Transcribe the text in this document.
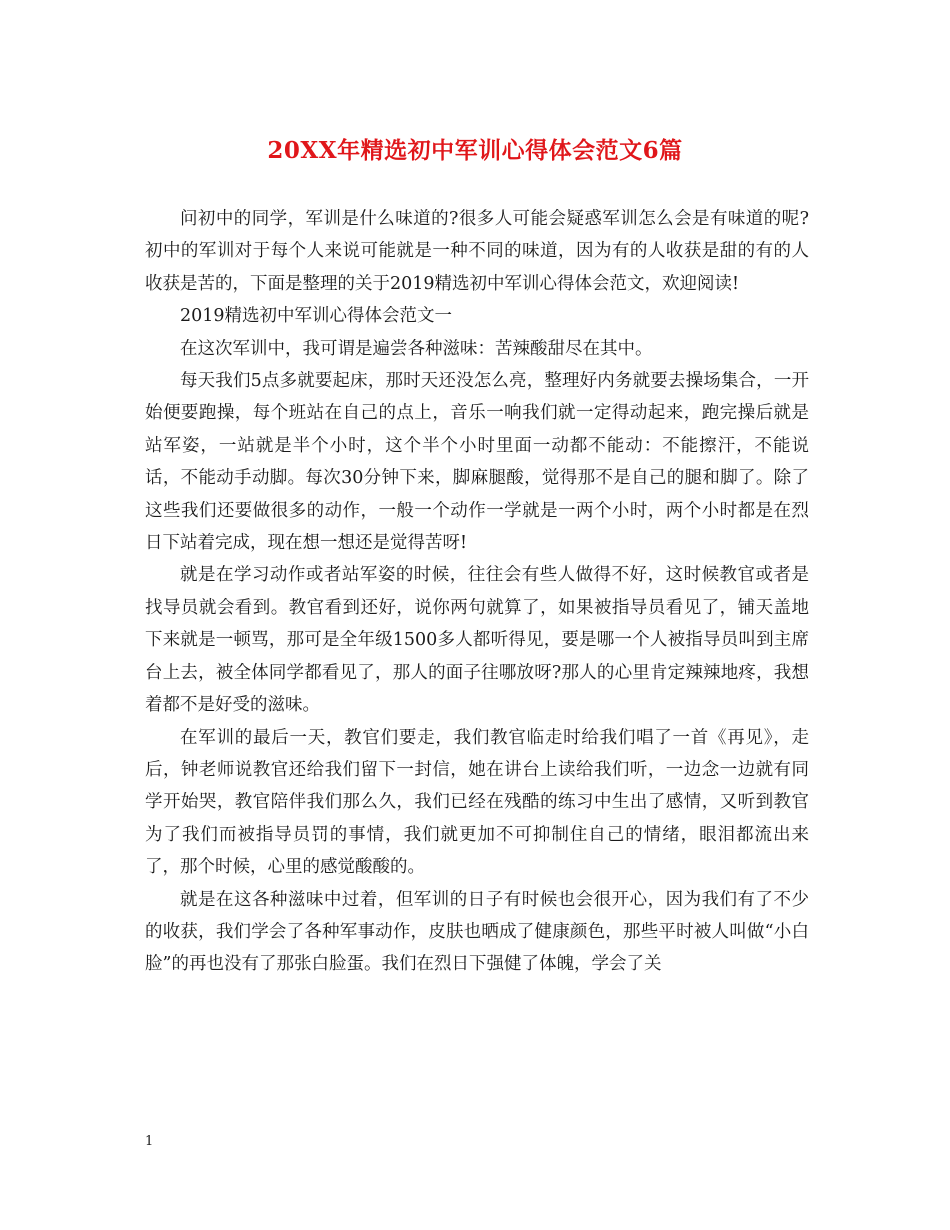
20XX年精选初中军训心得体会范文6篇

问初中的同学，军训是什么味道的?很多人可能会疑惑军训怎么会是有味道的呢?初中的军训对于每个人来说可能就是一种不同的味道，因为有的人收获是甜的有的人收获是苦的，下面是整理的关于2019精选初中军训心得体会范文，欢迎阅读!

2019精选初中军训心得体会范文一

在这次军训中，我可谓是遍尝各种滋味：苦辣酸甜尽在其中。

每天我们5点多就要起床，那时天还没怎么亮，整理好内务就要去操场集合，一开始便要跑操，每个班站在自己的点上，音乐一响我们就一定得动起来，跑完操后就是站军姿，一站就是半个小时，这个半个小时里面一动都不能动：不能擦汗，不能说话，不能动手动脚。每次30分钟下来，脚麻腿酸，觉得那不是自己的腿和脚了。除了这些我们还要做很多的动作，一般一个动作一学就是一两个小时，两个小时都是在烈日下站着完成，现在想一想还是觉得苦呀!

就是在学习动作或者站军姿的时候，往往会有些人做得不好，这时候教官或者是找导员就会看到。教官看到还好，说你两句就算了，如果被指导员看见了，铺天盖地下来就是一顿骂，那可是全年级1500多人都听得见，要是哪一个人被指导员叫到主席台上去，被全体同学都看见了，那人的面子往哪放呀?那人的心里肯定辣辣地疼，我想着都不是好受的滋味。

在军训的最后一天，教官们要走，我们教官临走时给我们唱了一首《再见》，走后，钟老师说教官还给我们留下一封信，她在讲台上读给我们听，一边念一边就有同学开始哭，教官陪伴我们那么久，我们已经在残酷的练习中生出了感情，又听到教官为了我们而被指导员罚的事情，我们就更加不可抑制住自己的情绪，眼泪都流出来了，那个时候，心里的感觉酸酸的。

就是在这各种滋味中过着，但军训的日子有时候也会很开心，因为我们有了不少的收获，我们学会了各种军事动作，皮肤也晒成了健康颜色，那些平时被人叫做“小白脸”的再也没有了那张白脸蛋。我们在烈日下强健了体魄，学会了关

1
